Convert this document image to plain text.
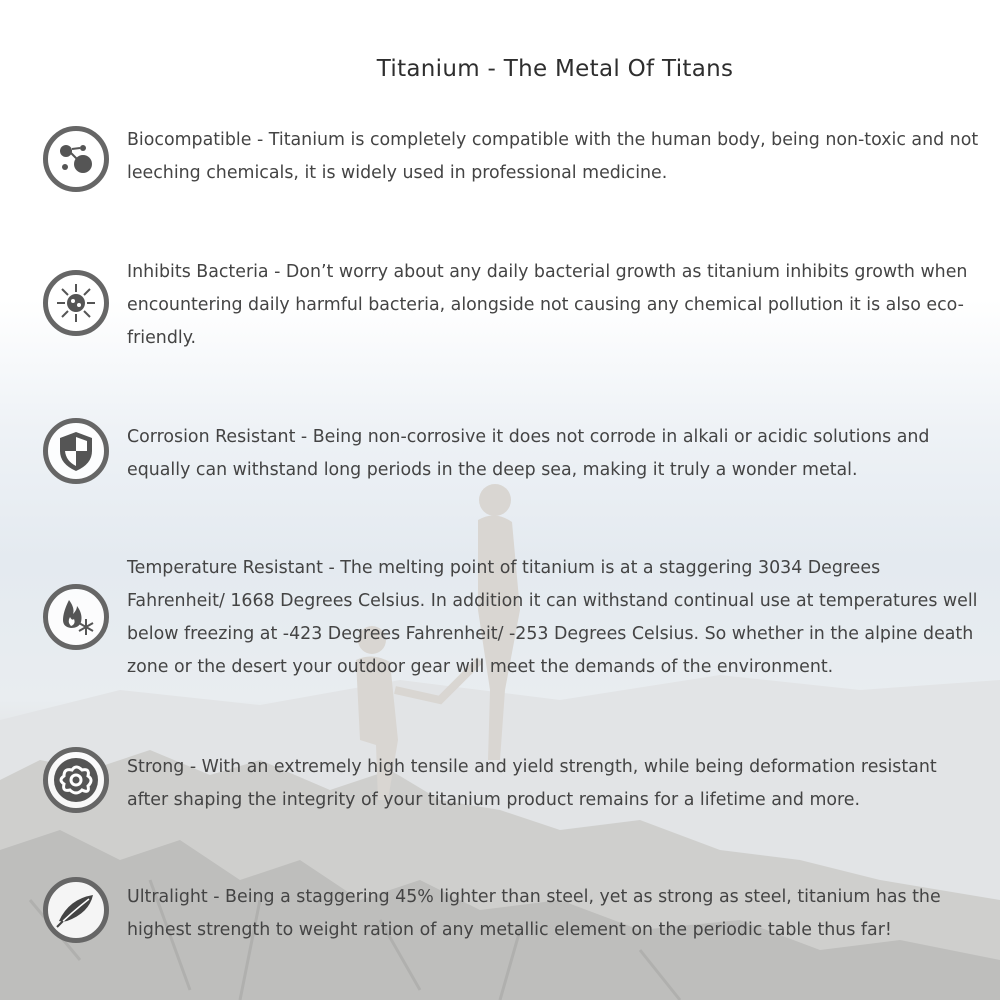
Titanium - The Metal Of Titans
Biocompatible - Titanium is completely compatible with the human body, being non-toxic and not leeching chemicals, it is widely used in professional medicine.
Inhibits Bacteria - Don’t worry about any daily bacterial growth as titanium inhibits growth when encountering daily harmful bacteria, alongside not causing any chemical pollution it is also eco-friendly.
Corrosion Resistant - Being non-corrosive it does not corrode in alkali or acidic solutions and equally can withstand long periods in the deep sea, making it truly a wonder metal.
Temperature Resistant - The melting point of titanium is at a staggering 3034 Degrees Fahrenheit/ 1668 Degrees Celsius. In addition it can withstand continual use at temperatures well below freezing at -423 Degrees Fahrenheit/ -253 Degrees Celsius. So whether in the alpine death zone or the desert your outdoor gear will meet the demands of the environment.
Strong - With an extremely high tensile and yield strength, while being deformation resistant after shaping the integrity of your titanium product remains for a lifetime and more.
Ultralight - Being a staggering 45% lighter than steel, yet as strong as steel, titanium has the highest strength to weight ration of any metallic element on the periodic table thus far!
